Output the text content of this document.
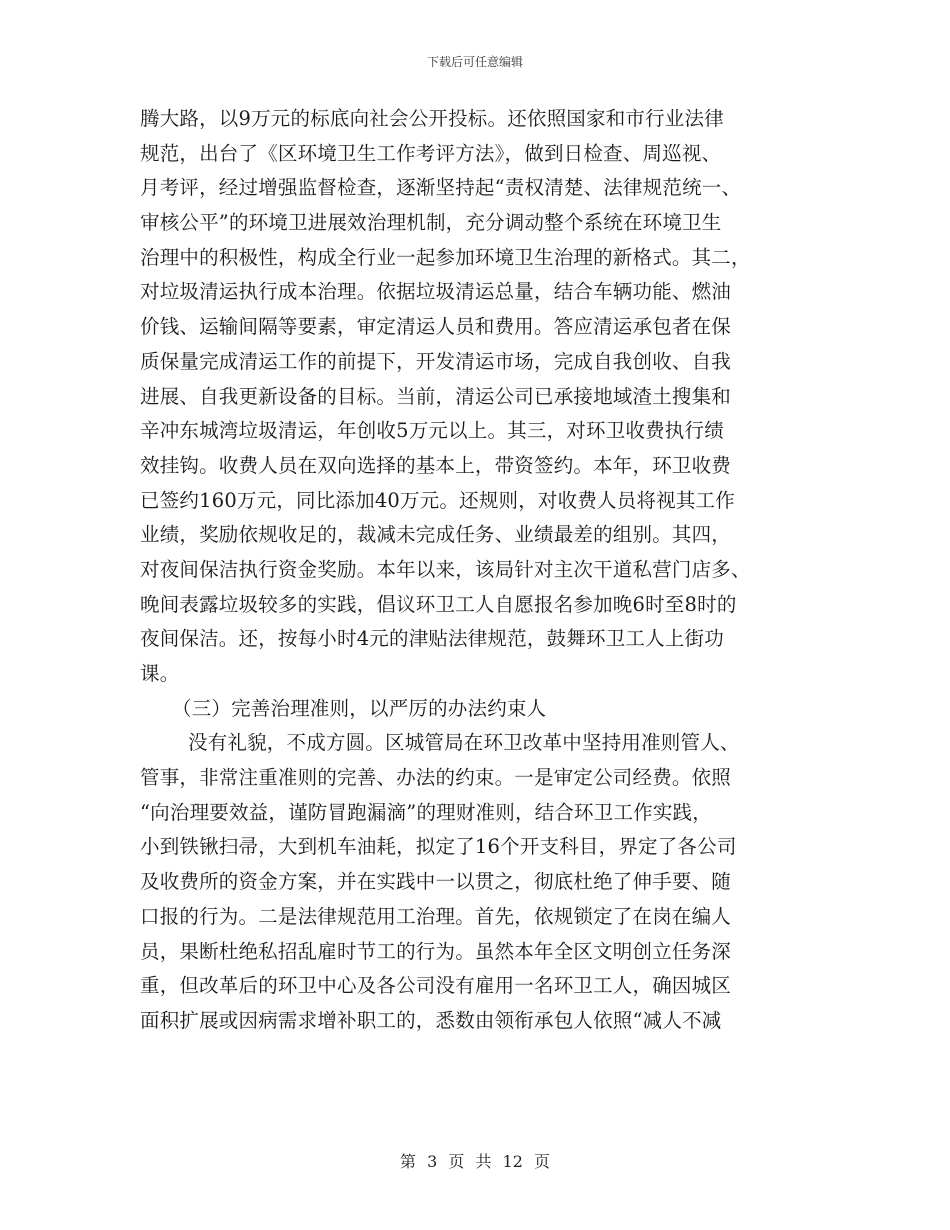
下载后可任意编辑
腾大路，以9万元的标底向社会公开投标。还依照国家和市行业法律
规范，出台了《区环境卫生工作考评方法》，做到日检查、周巡视、
月考评，经过增强监督检查，逐渐坚持起“责权清楚、法律规范统一、
审核公平”的环境卫进展效治理机制，充分调动整个系统在环境卫生
治理中的积极性，构成全行业一起参加环境卫生治理的新格式。其二，
对垃圾清运执行成本治理。依据垃圾清运总量，结合车辆功能、燃油
价钱、运输间隔等要素，审定清运人员和费用。答应清运承包者在保
质保量完成清运工作的前提下，开发清运市场，完成自我创收、自我
进展、自我更新设备的目标。当前，清运公司已承接地域渣土搜集和
辛冲东城湾垃圾清运，年创收5万元以上。其三，对环卫收费执行绩
效挂钩。收费人员在双向选择的基本上，带资签约。本年，环卫收费
已签约160万元，同比添加40万元。还规则，对收费人员将视其工作
业绩，奖励依规收足的，裁减未完成任务、业绩最差的组别。其四，
对夜间保洁执行资金奖励。本年以来，该局针对主次干道私营门店多、
晚间表露垃圾较多的实践，倡议环卫工人自愿报名参加晚6时至8时的
夜间保洁。还，按每小时4元的津贴法律规范，鼓舞环卫工人上街功
课。
（三）完善治理准则，以严厉的办法约束人
没有礼貌，不成方圆。区城管局在环卫改革中坚持用准则管人、
管事，非常注重准则的完善、办法的约束。一是审定公司经费。依照
“向治理要效益，谨防冒跑漏滴”的理财准则，结合环卫工作实践，
小到铁锹扫帚，大到机车油耗，拟定了16个开支科目，界定了各公司
及收费所的资金方案，并在实践中一以贯之，彻底杜绝了伸手要、随
口报的行为。二是法律规范用工治理。首先，依规锁定了在岗在编人
员，果断杜绝私招乱雇时节工的行为。虽然本年全区文明创立任务深
重，但改革后的环卫中心及各公司没有雇用一名环卫工人，确因城区
面积扩展或因病需求增补职工的，悉数由领衔承包人依照“减人不减
第 3 页 共 12 页
